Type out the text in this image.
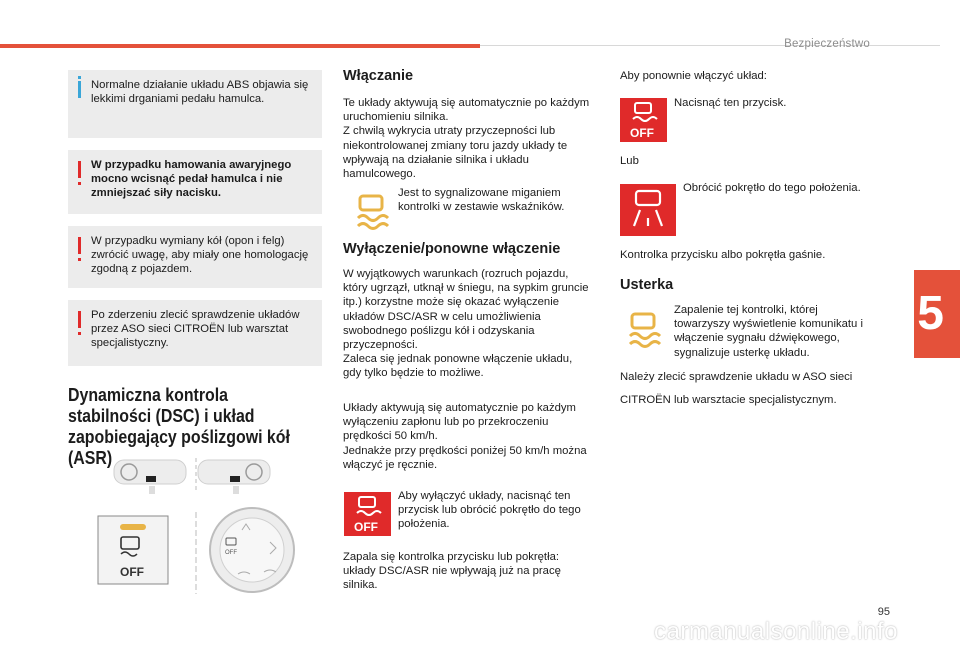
Bezpieczeństwo
5
Normalne działanie układu ABS objawia się lekkimi drganiami pedału hamulca.
W przypadku hamowania awaryjnego mocno wcisnąć pedał hamulca i nie zmniejszać siły nacisku.
W przypadku wymiany kół (opon i felg) zwrócić uwagę, aby miały one homologację zgodną z pojazdem.
Po zderzeniu zlecić sprawdzenie układów przez ASO sieci CITROËN lub warsztat specjalistyczny.
Dynamiczna kontrola stabilności (DSC) i układ zapobiegający poślizgowi kół (ASR)
OFF
OFF
Włączanie
Te układy aktywują się automatycznie po każdym uruchomieniu silnika.
Z chwilą wykrycia utraty przyczepności lub niekontrolowanej zmiany toru jazdy układy te wpływają na działanie silnika i układu hamulcowego.
Jest to sygnalizowane miganiem kontrolki w zestawie wskaźników.
Wyłączenie/ponowne włączenie
W wyjątkowych warunkach (rozruch pojazdu, który ugrzązł, utknął w śniegu, na sypkim gruncie itp.) korzystne może się okazać wyłączenie układów DSC/ASR w celu umożliwienia swobodnego poślizgu kół i odzyskania przyczepności.
Zaleca się jednak ponowne włączenie układu, gdy tylko będzie to możliwe.
Układy aktywują się automatycznie po każdym wyłączeniu zapłonu lub po przekroczeniu prędkości 50 km/h.
Jednakże przy prędkości poniżej 50 km/h można włączyć je ręcznie.
OFF
Aby wyłączyć układy, nacisnąć ten przycisk lub obrócić pokrętło do tego położenia.
Zapala się kontrolka przycisku lub pokrętła: układy DSC/ASR nie wpływają już na pracę silnika.
Aby ponownie włączyć układ:
OFF
Nacisnąć ten przycisk.
Lub
Obrócić pokrętło do tego położenia.
Kontrolka przycisku albo pokrętła gaśnie.
Usterka
Zapalenie tej kontrolki, której towarzyszy wyświetlenie komunikatu i włączenie sygnału dźwiękowego, sygnalizuje usterkę układu.
Należy zlecić sprawdzenie układu w ASO sieci
CITROËN lub warsztacie specjalistycznym.
95
carmanualsonline.info
